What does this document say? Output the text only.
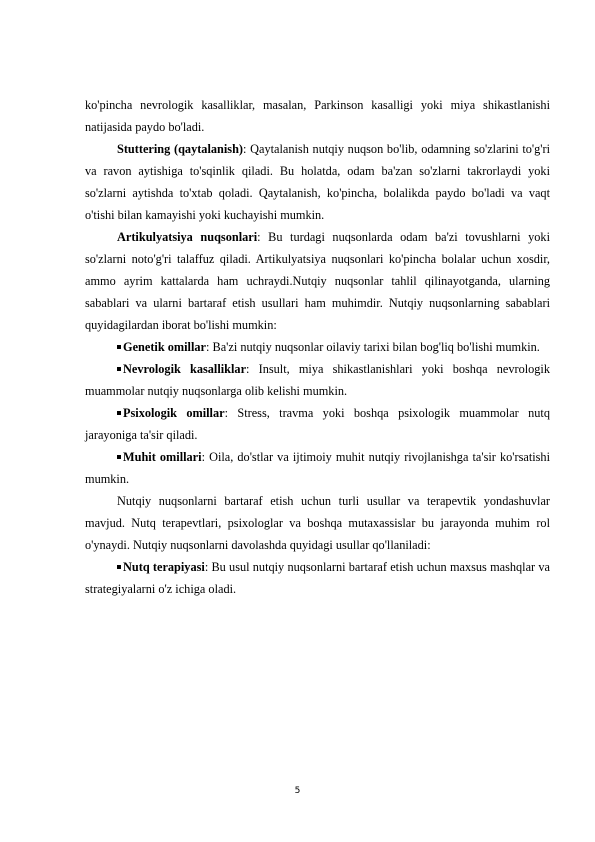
ko'pincha nevrologik kasalliklar, masalan, Parkinson kasalligi yoki miya shikastlanishi natijasida paydo bo'ladi.

Stuttering (qaytalanish): Qaytalanish nutqiy nuqson bo'lib, odamning so'zlarini to'g'ri va ravon aytishiga to'sqinlik qiladi. Bu holatda, odam ba'zan so'zlarni takrorlaydi yoki so'zlarni aytishda to'xtab qoladi. Qaytalanish, ko'pincha, bolalikda paydo bo'ladi va vaqt o'tishi bilan kamayishi yoki kuchayishi mumkin.

Artikulyatsiya nuqsonlari: Bu turdagi nuqsonlarda odam ba'zi tovushlarni yoki so'zlarni noto'g'ri talaffuz qiladi. Artikulyatsiya nuqsonlari ko'pincha bolalar uchun xosdir, ammo ayrim kattalarda ham uchraydi.Nutqiy nuqsonlar tahlil qilinayotganda, ularning sabablari va ularni bartaraf etish usullari ham muhimdir. Nutqiy nuqsonlarning sabablari quyidagilardan iborat bo'lishi mumkin:

Genetik omillar: Ba'zi nutqiy nuqsonlar oilaviy tarixi bilan bog'liq bo'lishi mumkin.

Nevrologik kasalliklar: Insult, miya shikastlanishlari yoki boshqa nevrologik muammolar nutqiy nuqsonlarga olib kelishi mumkin.

Psixologik omillar: Stress, travma yoki boshqa psixologik muammolar nutq jarayoniga ta'sir qiladi.

Muhit omillari: Oila, do'stlar va ijtimoiy muhit nutqiy rivojlanishga ta'sir ko'rsatishi mumkin.

Nutqiy nuqsonlarni bartaraf etish uchun turli usullar va terapevtik yondashuvlar mavjud. Nutq terapevtlari, psixologlar va boshqa mutaxassislar bu jarayonda muhim rol o'ynaydi. Nutqiy nuqsonlarni davolashda quyidagi usullar qo'llaniladi:

Nutq terapiyasi: Bu usul nutqiy nuqsonlarni bartaraf etish uchun maxsus mashqlar va strategiyalarni o'z ichiga oladi.

5
